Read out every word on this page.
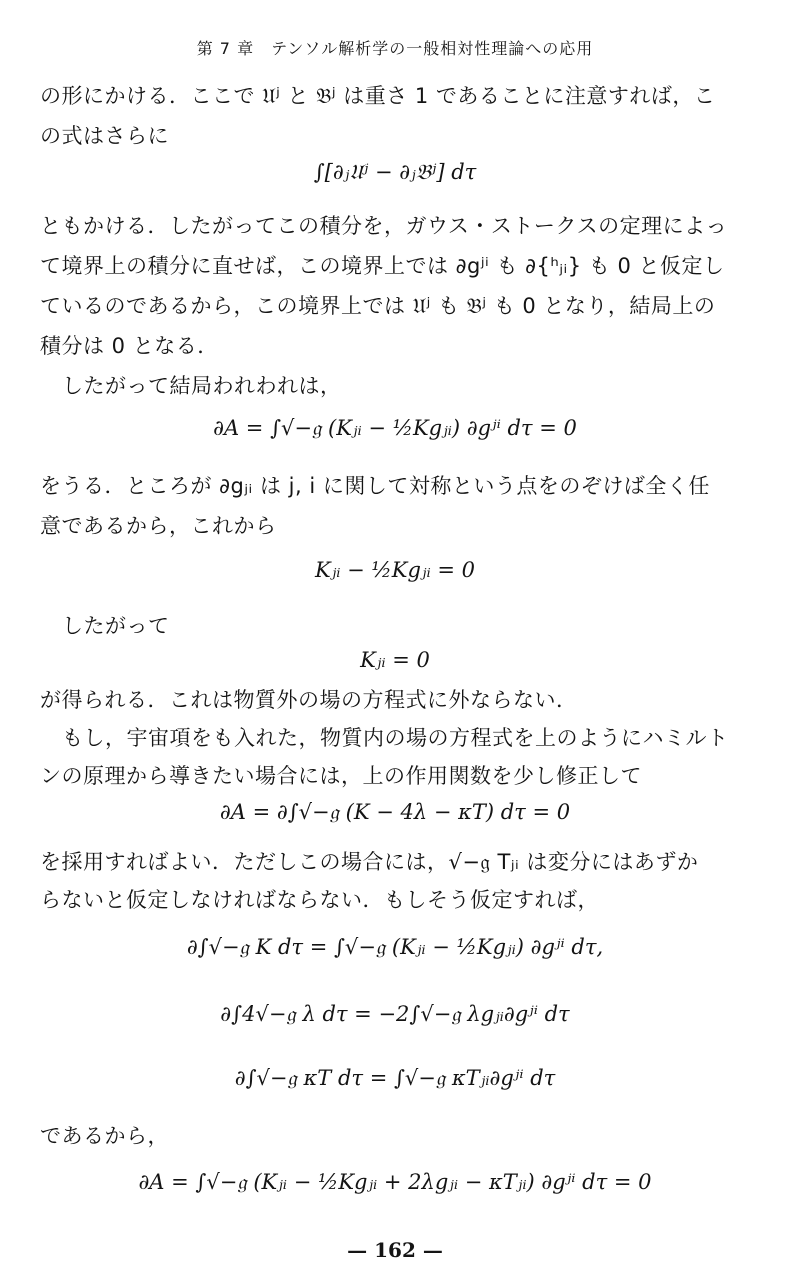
第 7 章　テンソル解析学の一般相対性理論への応用
の形にかける．ここで 𝔘ʲ と 𝔅ʲ は重さ 1 であることに注意すれば，こ
の式はさらに
∫[∂ⱼ𝔘ʲ − ∂ⱼ𝔅ʲ] dτ
ともかける．したがってこの積分を，ガウス・ストークスの定理によっ
て境界上の積分に直せば，この境界上では ∂gʲⁱ も ∂{ʰⱼᵢ} も 0 と仮定し
ているのであるから，この境界上では 𝔘ʲ も 𝔅ʲ も 0 となり，結局上の
積分は 0 となる．
したがって結局われわれは，
∂A = ∫√−𝔤 (Kⱼᵢ − ½Kgⱼᵢ) ∂gʲⁱ dτ = 0
をうる．ところが ∂gⱼᵢ は j, i に関して対称という点をのぞけば全く任
意であるから，これから
Kⱼᵢ − ½Kgⱼᵢ = 0
したがって
Kⱼᵢ = 0
が得られる．これは物質外の場の方程式に外ならない．
もし，宇宙項をも入れた，物質内の場の方程式を上のようにハミルト
ンの原理から導きたい場合には，上の作用関数を少し修正して
∂A = ∂∫√−𝔤 (K − 4λ − κT) dτ = 0
を採用すればよい．ただしこの場合には，√−𝔤 Tⱼᵢ は変分にはあずか
らないと仮定しなければならない．もしそう仮定すれば，
∂∫√−𝔤 K dτ = ∫√−𝔤 (Kⱼᵢ − ½Kgⱼᵢ) ∂gʲⁱ dτ,
∂∫4√−𝔤 λ dτ = −2∫√−𝔤 λgⱼᵢ∂gʲⁱ dτ
∂∫√−𝔤 κT dτ = ∫√−𝔤 κTⱼᵢ∂gʲⁱ dτ
であるから，
∂A = ∫√−𝔤 (Kⱼᵢ − ½Kgⱼᵢ + 2λgⱼᵢ − κTⱼᵢ) ∂gʲⁱ dτ = 0
— 162 —
